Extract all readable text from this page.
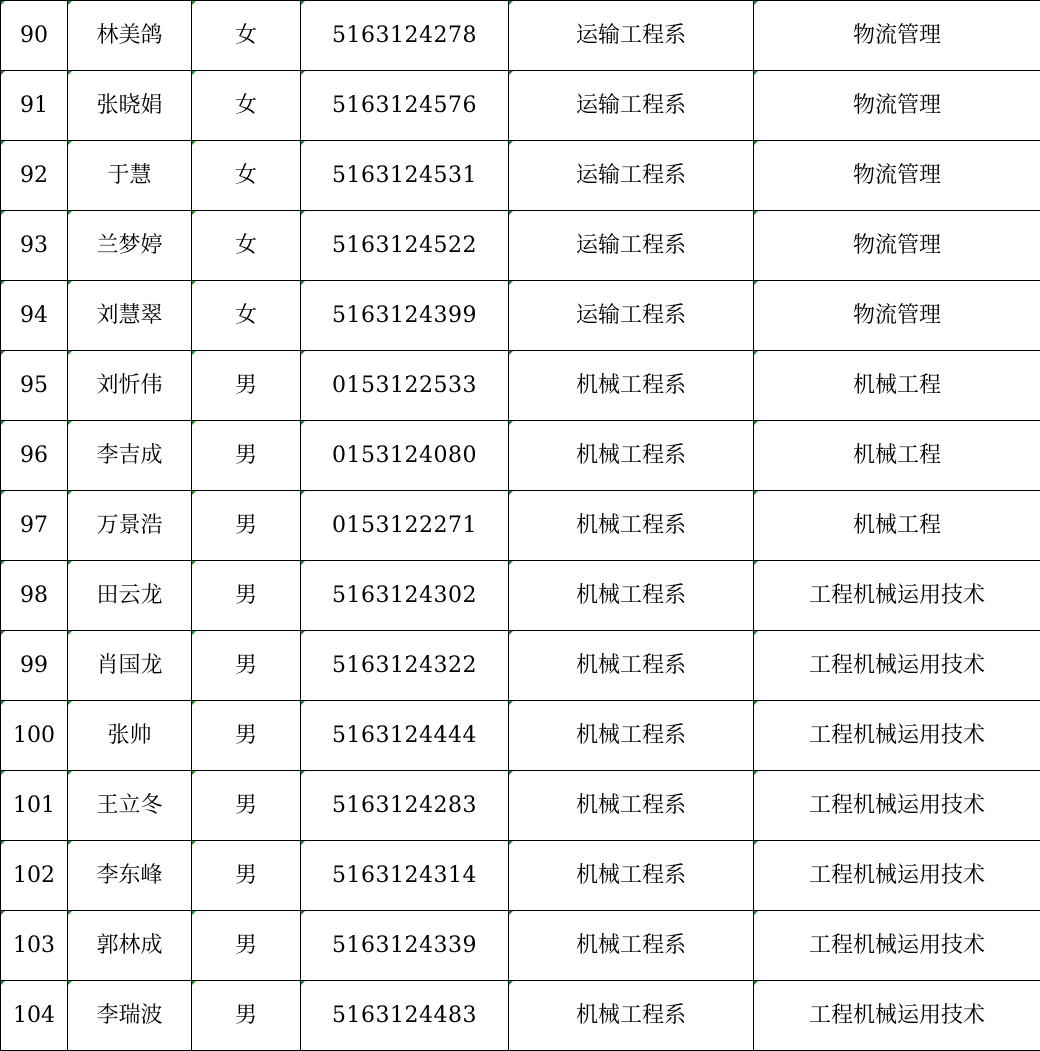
90	林美鸽	女	5163124278	运输工程系	物流管理
91	张晓娟	女	5163124576	运输工程系	物流管理
92	于慧	女	5163124531	运输工程系	物流管理
93	兰梦婷	女	5163124522	运输工程系	物流管理
94	刘慧翠	女	5163124399	运输工程系	物流管理
95	刘忻伟	男	0153122533	机械工程系	机械工程
96	李吉成	男	0153124080	机械工程系	机械工程
97	万景浩	男	0153122271	机械工程系	机械工程
98	田云龙	男	5163124302	机械工程系	工程机械运用技术
99	肖国龙	男	5163124322	机械工程系	工程机械运用技术
100	张帅	男	5163124444	机械工程系	工程机械运用技术
101	王立冬	男	5163124283	机械工程系	工程机械运用技术
102	李东峰	男	5163124314	机械工程系	工程机械运用技术
103	郭林成	男	5163124339	机械工程系	工程机械运用技术
104	李瑞波	男	5163124483	机械工程系	工程机械运用技术
